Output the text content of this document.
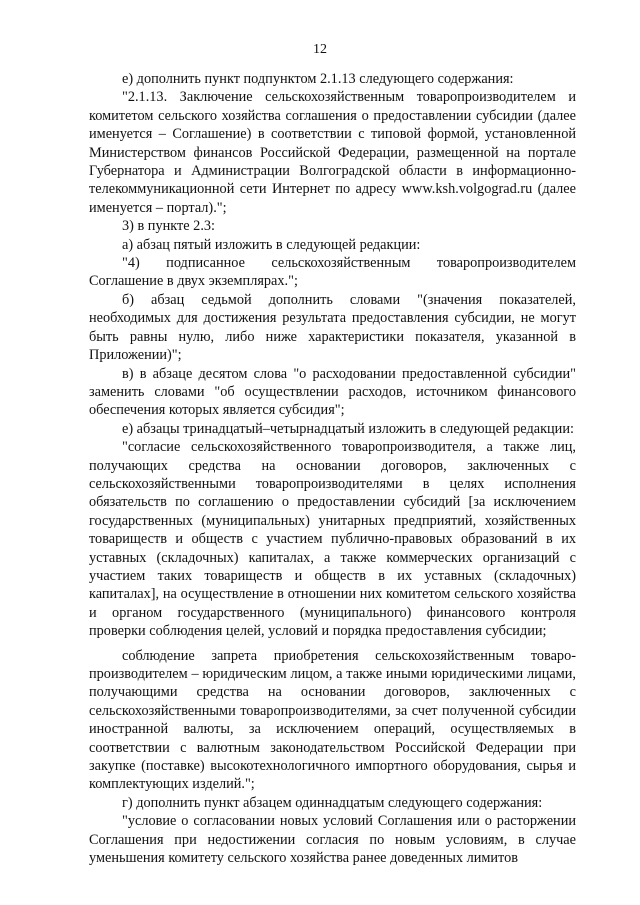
12

е) дополнить пункт подпунктом 2.1.13 следующего содержания:

"2.1.13. Заключение сельскохозяйственным товаропроизводителем и комитетом сельского хозяйства соглашения о предоставлении субсидии (далее именуется – Соглашение) в соответствии с типовой формой, установленной Министерством финансов Российской Федерации, размещенной на портале Губернатора и Администрации Волгоградской области в информационно-телекоммуникационной сети Интернет по адресу www.ksh.volgograd.ru (далее именуется – портал).";

3) в пункте 2.3:

а) абзац пятый изложить в следующей редакции:

"4) подписанное сельскохозяйственным товаропроизводителем Соглашение в двух экземплярах.";

б) абзац седьмой дополнить словами "(значения показателей, необходимых для достижения результата предоставления субсидии, не могут быть равны нулю, либо ниже характеристики показателя, указанной в Приложении)";

в) в абзаце десятом слова "о расходовании предоставленной субсидии" заменить словами "об осуществлении расходов, источником финансового обеспечения которых является субсидия";

е) абзацы тринадцатый–четырнадцатый изложить в следующей редакции:

"согласие сельскохозяйственного товаропроизводителя, а также лиц, получающих средства на основании договоров, заключенных с сельскохозяйственными товаропроизводителями в целях исполнения обязательств по соглашению о предоставлении субсидий [за исключением государственных (муниципальных) унитарных предприятий, хозяйственных товариществ и обществ с участием публично-правовых образований в их уставных (складочных) капиталах, а также коммерческих организаций с участием таких товариществ и обществ в их уставных (складочных) капиталах], на осуществление в отношении них комитетом сельского хозяйства и органом государственного (муниципального) финансового контроля проверки соблюдения целей, условий и порядка предоставления субсидии;

соблюдение запрета приобретения сельскохозяйственным товаропроизводителем – юридическим лицом, а также иными юридическими лицами, получающими средства на основании договоров, заключенных с сельскохозяйственными товаропроизводителями, за счет полученной субсидии иностранной валюты, за исключением операций, осуществляемых в соответствии с валютным законодательством Российской Федерации при закупке (поставке) высокотехнологичного импортного оборудования, сырья и комплектующих изделий.";

г) дополнить пункт абзацем одиннадцатым следующего содержания:

"условие о согласовании новых условий Соглашения или о расторжении Соглашения при недостижении согласия по новым условиям, в случае уменьшения комитету сельского хозяйства ранее доведенных лимитов
